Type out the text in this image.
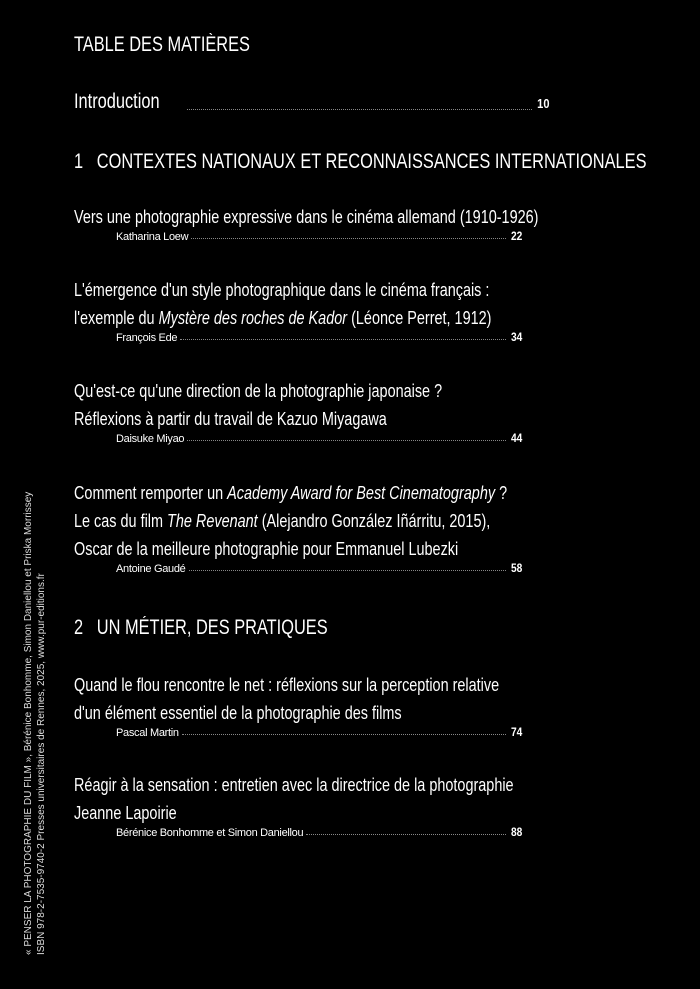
TABLE DES MATIÈRES
Introduction	10
1 CONTEXTES NATIONAUX ET RECONNAISSANCES INTERNATIONALES
Vers une photographie expressive dans le cinéma allemand (1910-1926)
Katharina Loew	22
L'émergence d'un style photographique dans le cinéma français :
l'exemple du Mystère des roches de Kador (Léonce Perret, 1912)
François Ede	34
Qu'est-ce qu'une direction de la photographie japonaise ?
Réflexions à partir du travail de Kazuo Miyagawa
Daisuke Miyao	44
Comment remporter un Academy Award for Best Cinematography ?
Le cas du film The Revenant (Alejandro González Iñárritu, 2015),
Oscar de la meilleure photographie pour Emmanuel Lubezki
Antoine Gaudé	58
2 UN MÉTIER, DES PRATIQUES
Quand le flou rencontre le net : réflexions sur la perception relative
d'un élément essentiel de la photographie des films
Pascal Martin	74
Réagir à la sensation : entretien avec la directrice de la photographie
Jeanne Lapoirie
Bérénice Bonhomme et Simon Daniellou	88
« PENSER LA PHOTOGRAPHIE DU FILM », Bérénice Bonhomme, Simon Daniellou et Priska Morrissey ISBN 978-2-7535-9740-2 Presses universitaires de Rennes, 2025, www.pur-editions.fr
